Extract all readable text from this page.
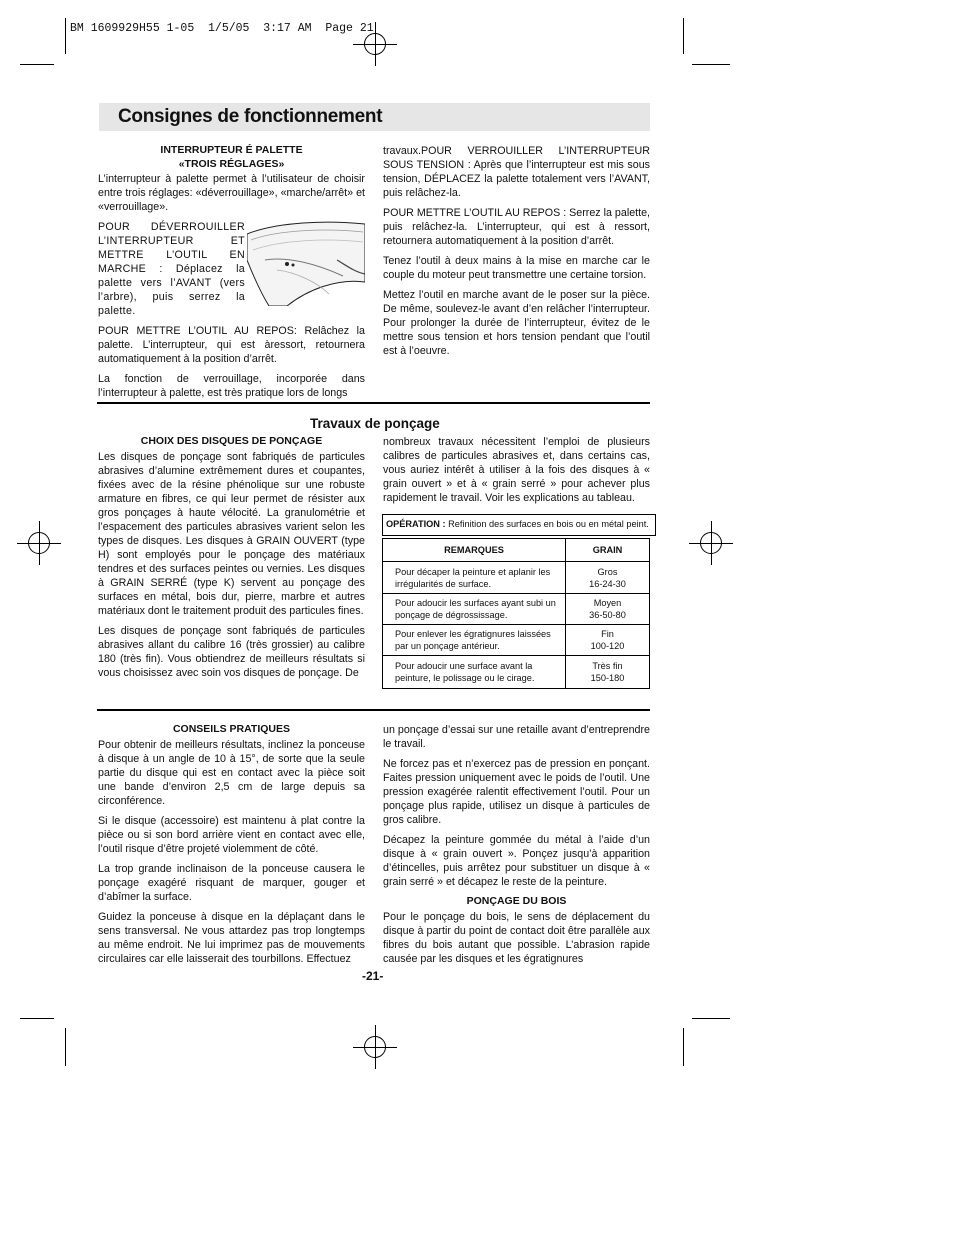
BM 1609929H55 1-05  1/5/05  3:17 AM  Page 21
Consignes de fonctionnement
INTERRUPTEUR É PALETTE
«TROIS RÉGLAGES»

L’interrupteur à palette permet à l’utilisateur de choisir entre trois réglages: «déverrouillage», «marche/arrêt» et «verrouillage».

POUR DÉVERROUILLER L’INTERRUPTEUR ET METTRE L’OUTIL EN MARCHE : Déplacez la palette vers l’AVANT (vers l’arbre), puis serrez la palette.

POUR METTRE L’OUTIL AU REPOS: Relâchez la palette. L’interrupteur, qui est àressort, retournera automatiquement à la position d’arrêt.

La fonction de verrouillage, incorporée dans l’interrupteur à palette, est très pratique lors de longs

travaux.POUR VERROUILLER L’INTERRUPTEUR SOUS TENSION : Après que l’interrupteur est mis sous tension, DÉPLACEZ la palette totalement vers l’AVANT, puis relâchez-la.

POUR METTRE L’OUTIL AU REPOS : Serrez la palette, puis relâchez-la. L’interrupteur, qui est à ressort, retournera automatiquement à la position d’arrêt.

Tenez l’outil à deux mains à la mise en marche car le couple du moteur peut transmettre une certaine torsion.

Mettez l’outil en marche avant de le poser sur la pièce. De même, soulevez-le avant d’en relâcher l’interrupteur. Pour prolonger la durée de l’interrupteur, évitez de le mettre sous tension et hors tension pendant que l’outil est à l’oeuvre.

Travaux de ponçage
CHOIX DES DISQUES DE PONÇAGE

Les disques de ponçage sont fabriqués de particules abrasives d’alumine extrêmement dures et coupantes, fixées avec de la résine phénolique sur une robuste armature en fibres, ce qui leur permet de résister aux gros ponçages à haute vélocité. La granulométrie et l’espacement des particules abrasives varient selon les types de disques. Les disques à GRAIN OUVERT (type H) sont employés pour le ponçage des matériaux tendres et des surfaces peintes ou vernies. Les disques à GRAIN SERRÉ (type K) servent au ponçage des surfaces en métal, bois dur, pierre, marbre et autres matériaux dont le traitement produit des particules fines.

Les disques de ponçage sont fabriqués de particules abrasives allant du calibre 16 (très grossier) au calibre 180 (très fin). Vous obtiendrez de meilleurs résultats si vous choisissez avec soin vos disques de ponçage. De

nombreux travaux nécessitent l’emploi de plusieurs calibres de particules abrasives et, dans certains cas, vous auriez intérêt à utiliser à la fois des disques à « grain ouvert » et à « grain serré » pour achever plus rapidement le travail. Voir les explications au tableau.

OPÉRATION : Refinition des surfaces en bois ou en métal peint.
REMARQUES	GRAIN
Pour décaper la peinture et aplanir les irrégularités de surface.	Gros
16-24-30

Pour adoucir les surfaces ayant subi un ponçage de dégrossissage.	Moyen
36-50-80

Pour enlever les égratignures laissées par un ponçage antérieur.	Fin
100-120

Pour adoucir une surface avant la peinture, le polissage ou le cirage.	Très fin
150-180
CONSEILS PRATIQUES

Pour obtenir de meilleurs résultats, inclinez la ponceuse à disque à un angle de 10 à 15°, de sorte que la seule partie du disque qui est en contact avec la pièce soit une bande d’environ 2,5 cm de large depuis sa circonférence.

Si le disque (accessoire) est maintenu à plat contre la pièce ou si son bord arrière vient en contact avec elle, l’outil risque d’être projeté violemment de côté.

La trop grande inclinaison de la ponceuse causera le ponçage exagéré risquant de marquer, gouger et d’abîmer la surface.

Guidez la ponceuse à disque en la déplaçant dans le sens transversal. Ne vous attardez pas trop longtemps au même endroit. Ne lui imprimez pas de mouvements circulaires car elle laisserait des tourbillons. Effectuez

un ponçage d’essai sur une retaille avant d’entreprendre le travail.

Ne forcez pas et n’exercez pas de pression en ponçant. Faites pression uniquement avec le poids de l’outil. Une pression exagérée ralentit effectivement l’outil. Pour un ponçage plus rapide, utilisez un disque à particules de gros calibre.

Décapez la peinture gommée du métal à l’aide d’un disque à « grain ouvert ». Ponçez jusqu’à apparition d’étincelles, puis arrêtez pour substituer un disque à « grain serré » et décapez le reste de la peinture.

PONÇAGE DU BOIS

Pour le ponçage du bois, le sens de déplacement du disque à partir du point de contact doit être parallèle aux fibres du bois autant que possible. L’abrasion rapide causée par les disques et les égratignures

-21-
